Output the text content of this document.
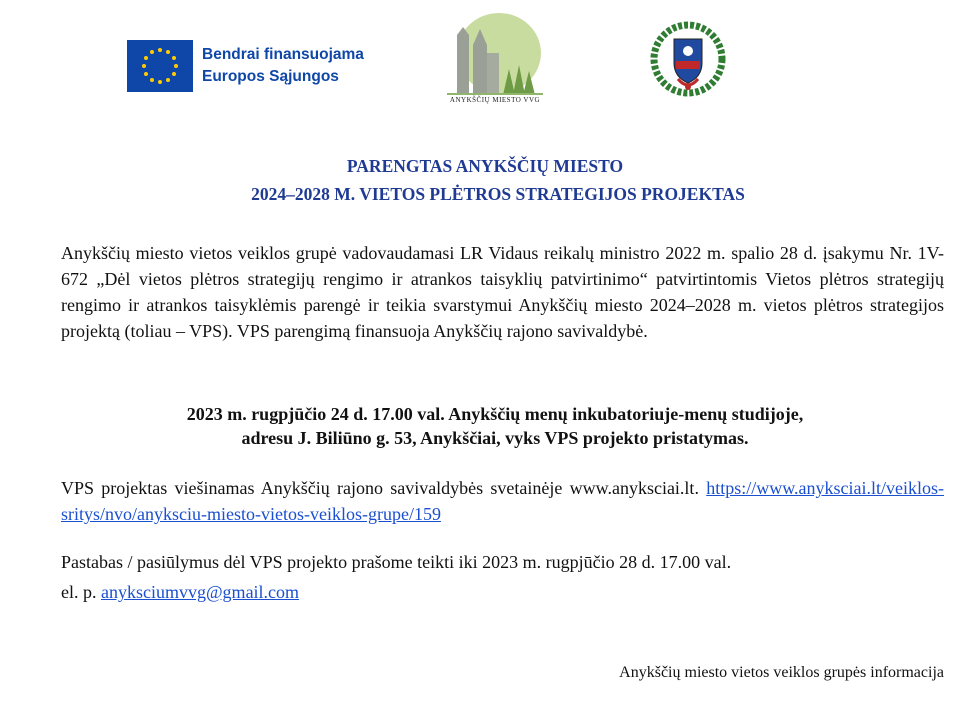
Bendrai finansuojama
Europos Sąjungos
ANYKŠČIŲ MIESTO VVG
PARENGTAS ANYKŠČIŲ MIESTO
2024–2028 M. VIETOS PLĖTROS STRATEGIJOS PROJEKTAS
Anykščių miesto vietos veiklos grupė vadovaudamasi LR Vidaus reikalų ministro 2022 m. spalio 28 d. įsakymu Nr. 1V-672 „Dėl vietos plėtros strategijų rengimo ir atrankos taisyklių patvirtinimo“ patvirtintomis Vietos plėtros strategijų rengimo ir atrankos taisyklėmis parengė ir teikia svarstymui Anykščių miesto 2024–2028 m. vietos plėtros strategijos projektą (toliau – VPS). VPS parengimą finansuoja Anykščių rajono savivaldybė.
2023 m. rugpjūčio 24 d. 17.00 val. Anykščių menų inkubatoriuje-menų studijoje,
adresu J. Biliūno g. 53, Anykščiai, vyks VPS projekto pristatymas.
VPS projektas viešinamas Anykščių rajono savivaldybės svetainėje www.anyksciai.lt. https://www.anyksciai.lt/veiklos-sritys/nvo/anyksciu-miesto-vietos-veiklos-grupe/159
Pastabas / pasiūlymus dėl VPS projekto prašome teikti iki 2023 m. rugpjūčio 28 d. 17.00 val.
el. p. anyksciumvvg@gmail.com
Anykščių miesto vietos veiklos grupės informacija
